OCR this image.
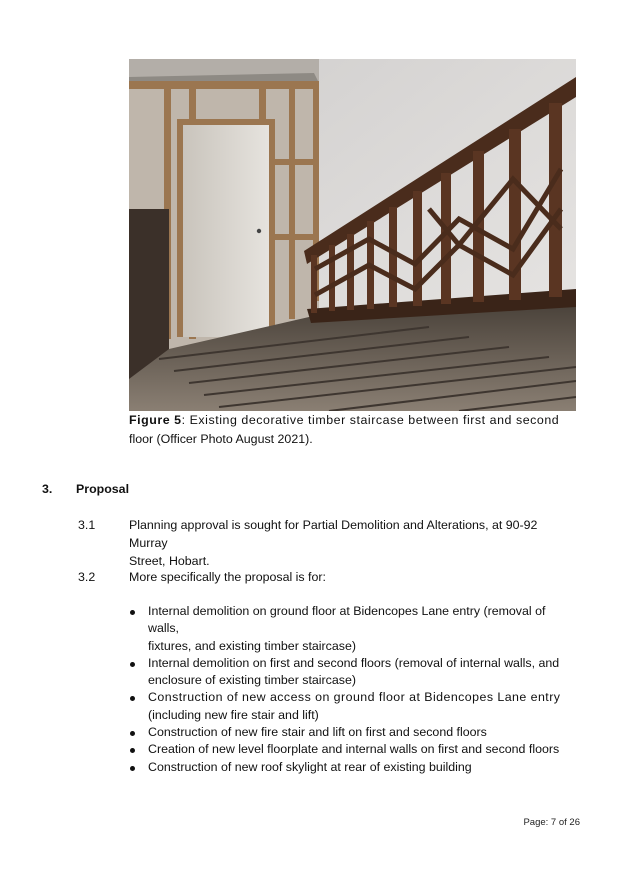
Figure 5: Existing decorative timber staircase between first and second
floor (Officer Photo August 2021).

3. Proposal
3.1	Planning approval is sought for Partial Demolition and Alterations, at 90-92 Murray
Street, Hobart.

3.2	More specifically the proposal is for:

Internal demolition on ground floor at Bidencopes Lane entry (removal of walls,
fixtures, and existing timber staircase)
Internal demolition on first and second floors (removal of internal walls, and
enclosure of existing timber staircase)
Construction of new access on ground floor at Bidencopes Lane entry
(including new fire stair and lift)
Construction of new fire stair and lift on first and second floors
Creation of new level floorplate and internal walls on first and second floors
Construction of new roof skylight at rear of existing building
Page: 7 of 26
